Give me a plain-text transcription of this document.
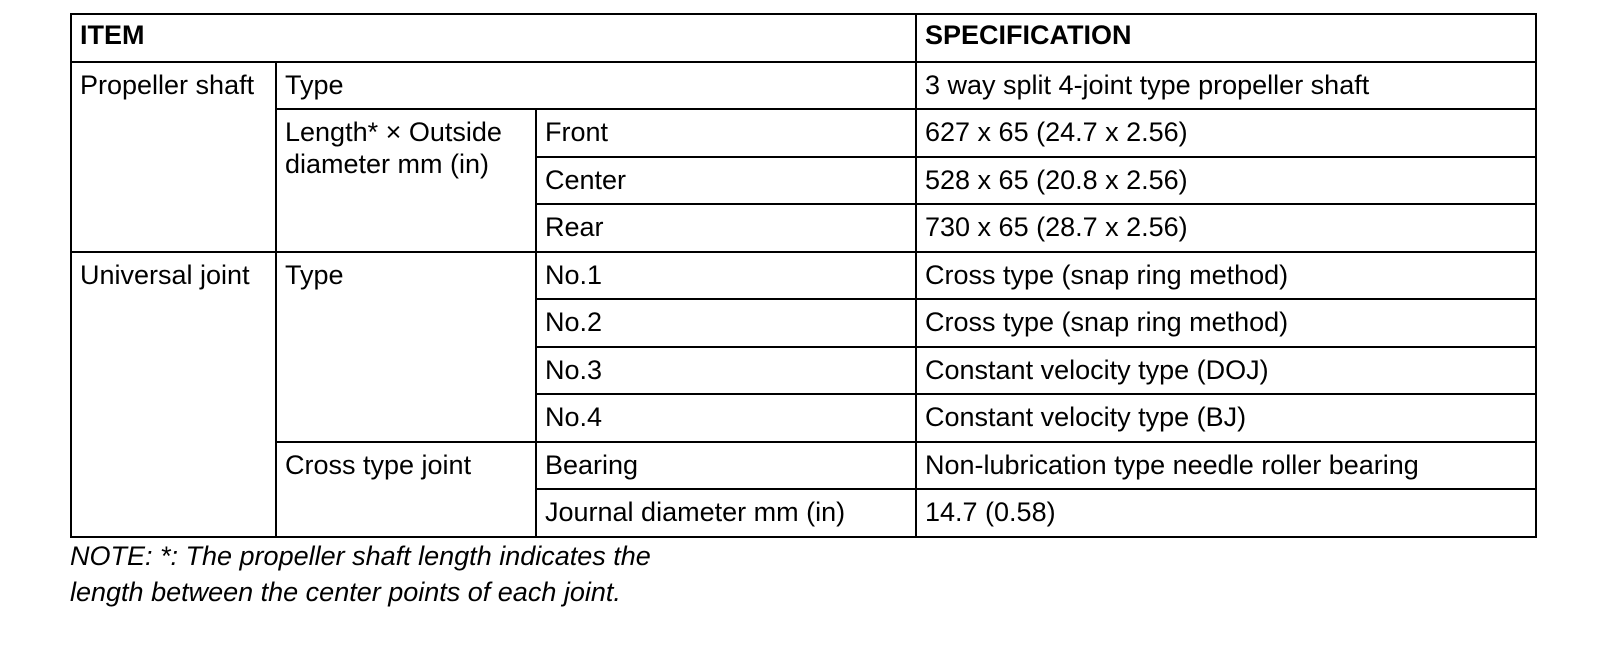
ITEM			SPECIFICATION
Propeller shaft	Type		3 way split 4-joint type propeller shaft
	Length* × Outside diameter mm (in)	Front	627 x 65 (24.7 x 2.56)
		Center	528 x 65 (20.8 x 2.56)
		Rear	730 x 65 (28.7 x 2.56)
Universal joint	Type	No.1	Cross type (snap ring method)
		No.2	Cross type (snap ring method)
		No.3	Constant velocity type (DOJ)
		No.4	Constant velocity type (BJ)
	Cross type joint	Bearing	Non-lubrication type needle roller bearing
		Journal diameter mm (in)	14.7 (0.58)
NOTE: *: The propeller shaft length indicates the
length between the center points of each joint.
